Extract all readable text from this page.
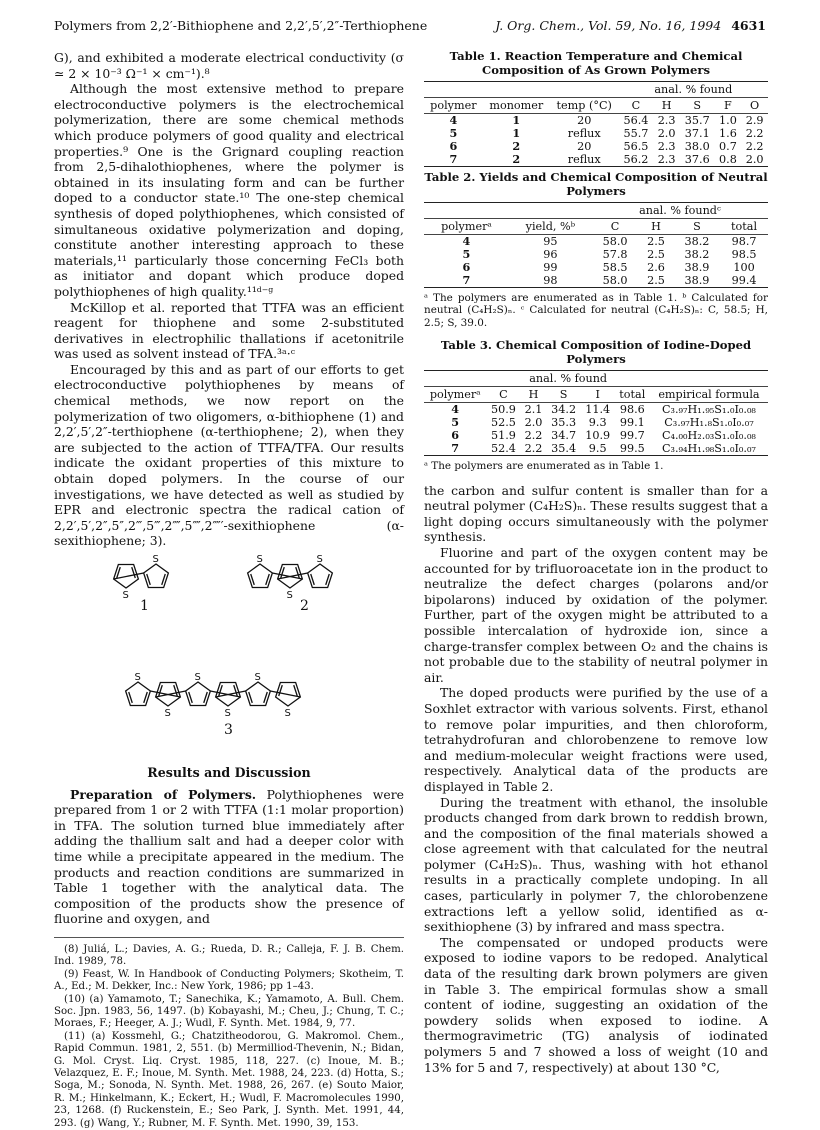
Polymers from 2,2′-Bithiophene and 2,2′,5′,2″-Terthiophene	J. Org. Chem., Vol. 59, No. 16, 1994 4631

G), and exhibited a moderate electrical conductivity (σ ≃ 2 × 10⁻³ Ω⁻¹ × cm⁻¹).⁸

Although the most extensive method to prepare electroconductive polymers is the electrochemical polymerization, there are some chemical methods which produce polymers of good quality and electrical properties.⁹ One is the Grignard coupling reaction from 2,5-dihalothiophenes, where the polymer is obtained in its insulating form and can be further doped to a conductor state.¹⁰ The one-step chemical synthesis of doped polythiophenes, which consisted of simultaneous oxidative polymerization and doping, constitute another interesting approach to these materials,¹¹ particularly those concerning FeCl₃ both as initiator and dopant which produce doped polythiophenes of high quality.¹¹ᵈ⁻ᵍ

McKillop et al. reported that TTFA was an efficient reagent for thiophene and some 2-substituted derivatives in electrophilic thallations if acetonitrile was used as solvent instead of TFA.³ᵃ·ᶜ

Encouraged by this and as part of our efforts to get electroconductive polythiophenes by means of chemical methods, we now report on the polymerization of two oligomers, α-bithiophene (1) and 2,2′,5′,2″-terthiophene (α-terthiophene; 2), when they are subjected to the action of TTFA/TFA. Our results indicate the oxidant properties of this mixture to obtain doped polymers. In the course of our investigations, we have detected as well as studied by EPR and electronic spectra the radical cation of 2,2′,5′,2″,5″,2‴,5‴,2⁗,5⁗,2⁗′-sexithiophene (α-sexithiophene; 3).

S
S	S
S
S
S
S
S
S
S
S
1	2
3
Results and Discussion

Preparation of Polymers. Polythiophenes were prepared from 1 or 2 with TTFA (1:1 molar proportion) in TFA. The solution turned blue immediately after adding the thallium salt and had a deeper color with time while a precipitate appeared in the medium. The products and reaction conditions are summarized in Table 1 together with the analytical data. The composition of the products show the presence of fluorine and oxygen, and

(8) Juliá, L.; Davies, A. G.; Rueda, D. R.; Calleja, F. J. B. Chem. Ind. 1989, 78.
(9) Feast, W. In Handbook of Conducting Polymers; Skotheim, T. A., Ed.; M. Dekker, Inc.: New York, 1986; pp 1–43.
(10) (a) Yamamoto, T.; Sanechika, K.; Yamamoto, A. Bull. Chem. Soc. Jpn. 1983, 56, 1497. (b) Kobayashi, M.; Cheu, J.; Chung, T. C.; Moraes, F.; Heeger, A. J.; Wudl, F. Synth. Met. 1984, 9, 77.
(11) (a) Kossmehl, G.; Chatzitheodorou, G. Makromol. Chem., Rapid Commun. 1981, 2, 551. (b) Mermilliod-Thevenin, N.; Bidan, G. Mol. Cryst. Liq. Cryst. 1985, 118, 227. (c) Inoue, M. B.; Velazquez, E. F.; Inoue, M. Synth. Met. 1988, 24, 223. (d) Hotta, S.; Soga, M.; Sonoda, N. Synth. Met. 1988, 26, 267. (e) Souto Maior, R. M.; Hinkelmann, K.; Eckert, H.; Wudl, F. Macromolecules 1990, 23, 1268. (f) Ruckenstein, E.; Seo Park, J. Synth. Met. 1991, 44, 293. (g) Wang, Y.; Rubner, M. F. Synth. Met. 1990, 39, 153.
Table 1. Reaction Temperature and Chemical Composition of As Grown Polymers
			anal. % found				
polymer	monomer	temp (°C)	C	H	S	F	O
4	1	20	56.4	2.3	35.7	1.0	2.9
5	1	reflux	55.7	2.0	37.1	1.6	2.2
6	2	20	56.5	2.3	38.0	0.7	2.2
7	2	reflux	56.2	2.3	37.6	0.8	2.0
Table 2. Yields and Chemical Composition of Neutral Polymers
		anal. % foundᶜ			
polymerᵃ	yield, %ᵇ	C	H	S	total
4	95	58.0	2.5	38.2	98.7
5	96	57.8	2.5	38.2	98.5
6	99	58.5	2.6	38.9	100
7	98	58.0	2.5	38.9	99.4
ᵃ The polymers are enumerated as in Table 1. ᵇ Calculated for neutral (C₄H₂S)ₙ. ᶜ Calculated for neutral (C₄H₂S)ₙ: C, 58.5; H, 2.5; S, 39.0.
Table 3. Chemical Composition of Iodine-Doped Polymers
	anal. % found					
polymerᵃ	C	H	S	I	total	empirical formula
4	50.9	2.1	34.2	11.4	98.6	C₃.₉₇H₁.₉₅S₁.₀I₀.₀₈
5	52.5	2.0	35.3	9.3	99.1	C₃.₉₇H₁.₈S₁.₀I₀.₀₇
6	51.9	2.2	34.7	10.9	99.7	C₄.₀₀H₂.₀₃S₁.₀I₀.₀₈
7	52.4	2.2	35.4	9.5	99.5	C₃.₉₄H₁.₉₈S₁.₀I₀.₀₇
ᵃ The polymers are enumerated as in Table 1.

the carbon and sulfur content is smaller than for a neutral polymer (C₄H₂S)ₙ. These results suggest that a light doping occurs simultaneously with the polymer synthesis.

Fluorine and part of the oxygen content may be accounted for by trifluoroacetate ion in the product to neutralize the defect charges (polarons and/or bipolarons) induced by oxidation of the polymer. Further, part of the oxygen might be attributed to a possible intercalation of hydroxide ion, since a charge-transfer complex between O₂ and the chains is not probable due to the stability of neutral polymer in air.

The doped products were purified by the use of a Soxhlet extractor with various solvents. First, ethanol to remove polar impurities, and then chloroform, tetrahydrofuran and chlorobenzene to remove low and medium-molecular weight fractions were used, respectively. Analytical data of the products are displayed in Table 2.

During the treatment with ethanol, the insoluble products changed from dark brown to reddish brown, and the composition of the final materials showed a close agreement with that calculated for the neutral polymer (C₄H₂S)ₙ. Thus, washing with hot ethanol results in a practically complete undoping. In all cases, particularly in polymer 7, the chlorobenzene extractions left a yellow solid, identified as α-sexithiophene (3) by infrared and mass spectra.

The compensated or undoped products were exposed to iodine vapors to be redoped. Analytical data of the resulting dark brown polymers are given in Table 3. The empirical formulas show a small content of iodine, suggesting an oxidation of the powdery solids when exposed to iodine. A thermogravimetric (TG) analysis of iodinated polymers 5 and 7 showed a loss of weight (10 and 13% for 5 and 7, respectively) at about 130 °C,
